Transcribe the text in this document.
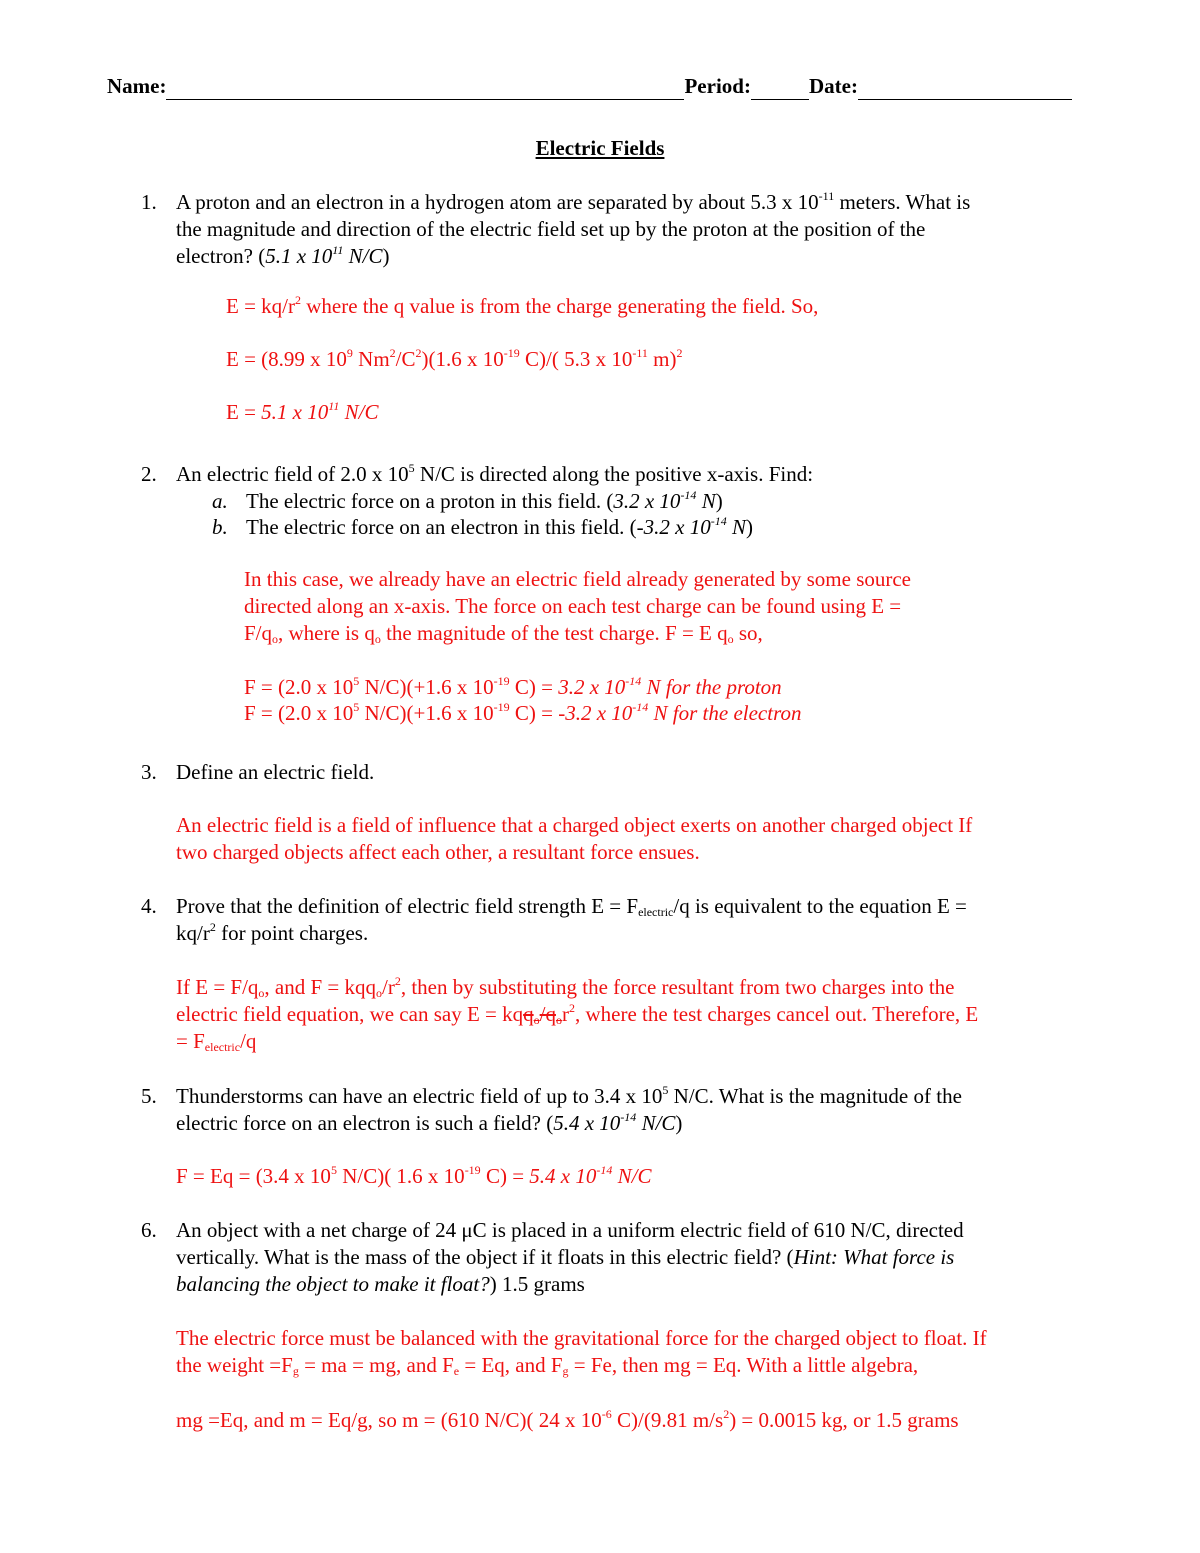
Name:	Period:	Date:
Electric Fields
1. A proton and an electron in a hydrogen atom are separated by about 5.3 x $10^{-11}$ meters. What is
the magnitude and direction of the electric field set up by the proton at the position of the
electron? (5.1 x $10^{11}$ N/C)
$E = kq/r^2$ where the q value is from the charge generating the field. So,
E = (8.99 x $10^9$ $Nm^2/C^2)(1.6$ x $10^{-19}$ C)/( 5.3 x $10^{-11}$ m)$^2$
E = 5.1 x $10^{11}$ N/C
2. An electric field of 2.0 x $10^5$ N/C is directed along the positive x-axis. Find:
a. The electric force on a proton in this field. (3.2 x $10^{-14}$ N)
b. The electric force on an electron in this field. (-3.2 x $10^{-14}$ N)
In this case, we already have an electric field already generated by some source
directed along an x-axis. The force on each test charge can be found using E =
$F/q_o$, where is $q_o$ the magnitude of the test charge. F = E $q_o$ so,
F = (2.0 x $10^5$ N/C)(+1.6 x $10^{-19}$ C) = 3.2 x $10^{-14}$ N for the proton
F = (2.0 x $10^5$ N/C)(+1.6 x $10^{-19}$ C) = -3.2 x $10^{-14}$ N for the electron
3. Define an electric field.
An electric field is a field of influence that a charged object exerts on another charged object If
two charged objects affect each other, a resultant force ensues.
4. Prove that the definition of electric field strength $E = F_{electric}/q$ is equivalent to the equation E =
$kq/r^2$ for point charges.
If $E = F/q_o$, and $F = kqq_o/r^2$, then by substituting the force resultant from two charges into the
electric field equation, we can say $E = kqq_o/q_or^2$, where the test charges cancel out. Therefore, E
= $F_{electric}/q$
5. Thunderstorms can have an electric field of up to 3.4 x $10^5$ N/C. What is the magnitude of the
electric force on an electron is such a field? (5.4 x $10^{-14}$ N/C)
F = Eq = (3.4 x $10^5$ N/C)( 1.6 x $10^{-19}$ C) = 5.4 x $10^{-14}$ N/C
6. An object with a net charge of 24 μC is placed in a uniform electric field of 610 N/C, directed
vertically. What is the mass of the object if it floats in this electric field? (Hint: What force is
balancing the object to make it float?) 1.5 grams
The electric force must be balanced with the gravitational force for the charged object to float. If
the weight $=F_g$ = ma = mg, and $F_e = Eq$, and $F_g = Fe$, then mg = Eq. With a little algebra,
mg =Eq, and m = Eq/g, so m = (610 N/C)( 24 x $10^{-6}$ C)/(9.81 $m/s^2) = 0.0015$ kg, or 1.5 grams
